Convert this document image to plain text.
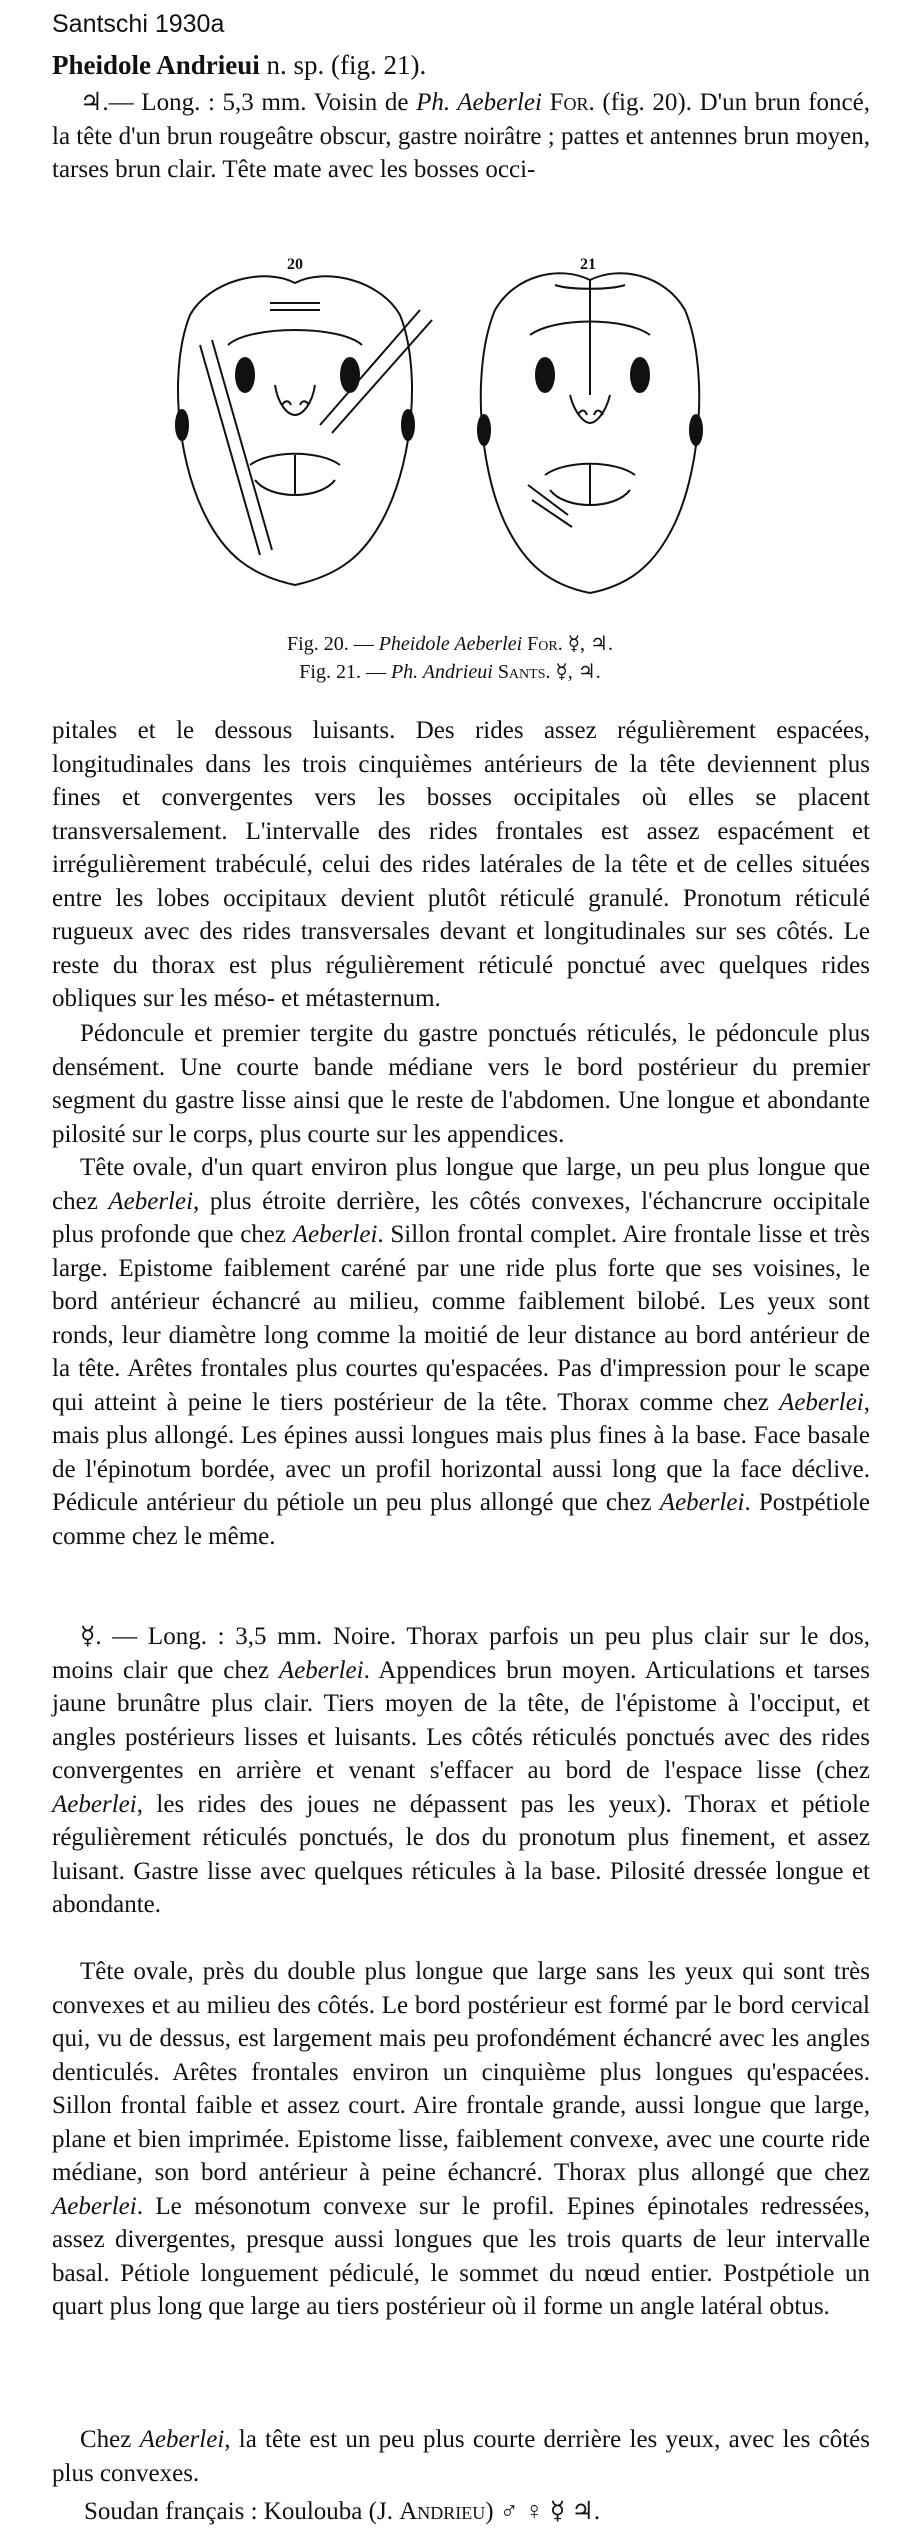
Santschi 1930a
Pheidole Andrieui n. sp. (fig. 21).

♃.— Long. : 5,3 mm. Voisin de Ph. Aeberlei For. (fig. 20). D'un brun foncé, la tête d'un brun rougeâtre obscur, gastre noirâtre ; pattes et antennes brun moyen, tarses brun clair. Tête mate avec les bosses occi-

20	21
Fig. 20. — Pheidole Aeberlei For. ☿, ♃.
Fig. 21. — Ph. Andrieui Sants. ☿, ♃.

pitales et le dessous luisants. Des rides assez régulièrement espacées, longitudinales dans les trois cinquièmes antérieurs de la tête deviennent plus fines et convergentes vers les bosses occipitales où elles se placent transversalement. L'intervalle des rides frontales est assez espacément et irrégulièrement trabéculé, celui des rides latérales de la tête et de celles situées entre les lobes occipitaux devient plutôt réticulé granulé. Pronotum réticulé rugueux avec des rides transversales devant et longitudinales sur ses côtés. Le reste du thorax est plus régulièrement réticulé ponctué avec quelques rides obliques sur les méso- et métasternum.

Pédoncule et premier tergite du gastre ponctués réticulés, le pédoncule plus densément. Une courte bande médiane vers le bord postérieur du premier segment du gastre lisse ainsi que le reste de l'abdomen. Une longue et abondante pilosité sur le corps, plus courte sur les appendices.

Tête ovale, d'un quart environ plus longue que large, un peu plus longue que chez Aeberlei, plus étroite derrière, les côtés convexes, l'échancrure occipitale plus profonde que chez Aeberlei. Sillon frontal complet. Aire frontale lisse et très large. Epistome faiblement caréné par une ride plus forte que ses voisines, le bord antérieur échancré au milieu, comme faiblement bilobé. Les yeux sont ronds, leur diamètre long comme la moitié de leur distance au bord antérieur de la tête. Arêtes frontales plus courtes qu'espacées. Pas d'impression pour le scape qui atteint à peine le tiers postérieur de la tête. Thorax comme chez Aeberlei, mais plus allongé. Les épines aussi longues mais plus fines à la base. Face basale de l'épinotum bordée, avec un profil horizontal aussi long que la face déclive. Pédicule antérieur du pétiole un peu plus allongé que chez Aeberlei. Postpétiole comme chez le même.

☿. — Long. : 3,5 mm. Noire. Thorax parfois un peu plus clair sur le dos, moins clair que chez Aeberlei. Appendices brun moyen. Articulations et tarses jaune brunâtre plus clair. Tiers moyen de la tête, de l'épistome à l'occiput, et angles postérieurs lisses et luisants. Les côtés réticulés ponctués avec des rides convergentes en arrière et venant s'effacer au bord de l'espace lisse (chez Aeberlei, les rides des joues ne dépassent pas les yeux). Thorax et pétiole régulièrement réticulés ponctués, le dos du pronotum plus finement, et assez luisant. Gastre lisse avec quelques réticules à la base. Pilosité dressée longue et abondante.

Tête ovale, près du double plus longue que large sans les yeux qui sont très convexes et au milieu des côtés. Le bord postérieur est formé par le bord cervical qui, vu de dessus, est largement mais peu profondément échancré avec les angles denticulés. Arêtes frontales environ un cinquième plus longues qu'espacées. Sillon frontal faible et assez court. Aire frontale grande, aussi longue que large, plane et bien imprimée. Epistome lisse, faiblement convexe, avec une courte ride médiane, son bord antérieur à peine échancré. Thorax plus allongé que chez Aeberlei. Le mésonotum convexe sur le profil. Epines épinotales redressées, assez divergentes, presque aussi longues que les trois quarts de leur intervalle basal. Pétiole longuement pédiculé, le sommet du nœud entier. Postpétiole un quart plus long que large au tiers postérieur où il forme un angle latéral obtus.

Chez Aeberlei, la tête est un peu plus courte derrière les yeux, avec les côtés plus convexes.

Soudan français : Koulouba (J. Andrieu) ♂ ♀ ☿ ♃.
